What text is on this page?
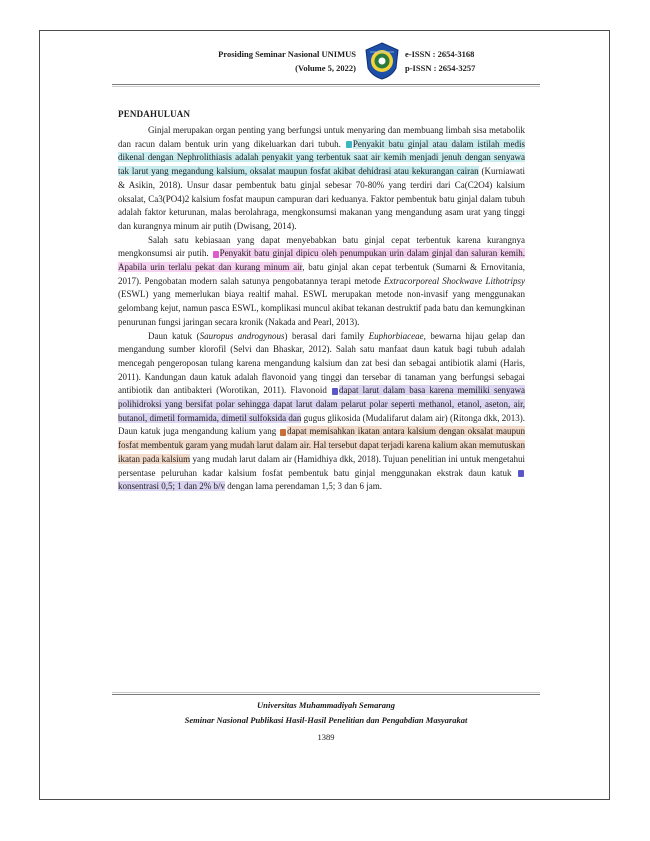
Prosiding Seminar Nasional UNIMUS
(Volume 5, 2022)
e-ISSN : 2654-3168
p-ISSN : 2654-3257
PENDAHULUAN

Ginjal merupakan organ penting yang berfungsi untuk menyaring dan membuang limbah sisa metabolik dan racun dalam bentuk urin yang dikeluarkan dari tubuh. Penyakit batu ginjal atau dalam istilah medis dikenal dengan Nephrolithiasis adalah penyakit yang terbentuk saat air kemih menjadi jenuh dengan senyawa tak larut yang megandung kalsium, oksalat maupun fosfat akibat dehidrasi atau kekurangan cairan (Kurniawati & Asikin, 2018). Unsur dasar pembentuk batu ginjal sebesar 70-80% yang terdiri dari Ca(C2O4) kalsium oksalat, Ca3(PO4)2 kalsium fosfat maupun campuran dari keduanya. Faktor pembentuk batu ginjal dalam tubuh adalah faktor keturunan, malas berolahraga, mengkonsumsi makanan yang mengandung asam urat yang tinggi dan kurangnya minum air putih (Dwisang, 2014).

Salah satu kebiasaan yang dapat menyebabkan batu ginjal cepat terbentuk karena kurangnya mengkonsumsi air putih. Penyakit batu ginjal dipicu oleh penumpukan urin dalam ginjal dan saluran kemih. Apabila urin terlalu pekat dan kurang minum air, batu ginjal akan cepat terbentuk (Sumarni & Ernovitania, 2017). Pengobatan modern salah satunya pengobatannya terapi metode Extracorporeal Shockwave Lithotripsy (ESWL) yang memerlukan biaya realtif mahal. ESWL merupakan metode non-invasif yang menggunakan gelombang kejut, namun pasca ESWL, komplikasi muncul akibat tekanan destruktif pada batu dan kemungkinan penurunan fungsi jaringan secara kronik (Nakada and Pearl, 2013).

Daun katuk (Sauropus androgynous) berasal dari family Euphorbiaceae, bewarna hijau gelap dan mengandung sumber klorofil (Selvi dan Bhaskar, 2012). Salah satu manfaat daun katuk bagi tubuh adalah mencegah pengeroposan tulang karena mengandung kalsium dan zat besi dan sebagai antibiotik alami (Haris, 2011). Kandungan daun katuk adalah flavonoid yang tinggi dan tersebar di tanaman yang berfungsi sebagai antibiotik dan antibakteri (Worotikan, 2011). Flavonoid dapat larut dalam basa karena memiliki senyawa polihidroksi yang bersifat polar sehingga dapat larut dalam pelarut polar seperti methanol, etanol, aseton, air, butanol, dimetil formamida, dimetil sulfoksida dan gugus glikosida (Mudalifarut dalam air) (Ritonga dkk, 2013). Daun katuk juga mengandung kalium yang dapat memisahkan ikatan antara kalsium dengan oksalat maupun fosfat membentuk garam yang mudah larut dalam air. Hal tersebut dapat terjadi karena kalium akan memutuskan ikatan pada kalsium yang mudah larut dalam air (Hamidhiya dkk, 2018). Tujuan penelitian ini untuk mengetahui persentase peluruhan kadar kalsium fosfat pembentuk batu ginjal menggunakan ekstrak daun katuk konsentrasi 0,5; 1 dan 2% b/v dengan lama perendaman 1,5; 3 dan 6 jam.

Universitas Muhammadiyah Semarang
Seminar Nasional Publikasi Hasil-Hasil Penelitian dan Pengabdian Masyarakat
1389
